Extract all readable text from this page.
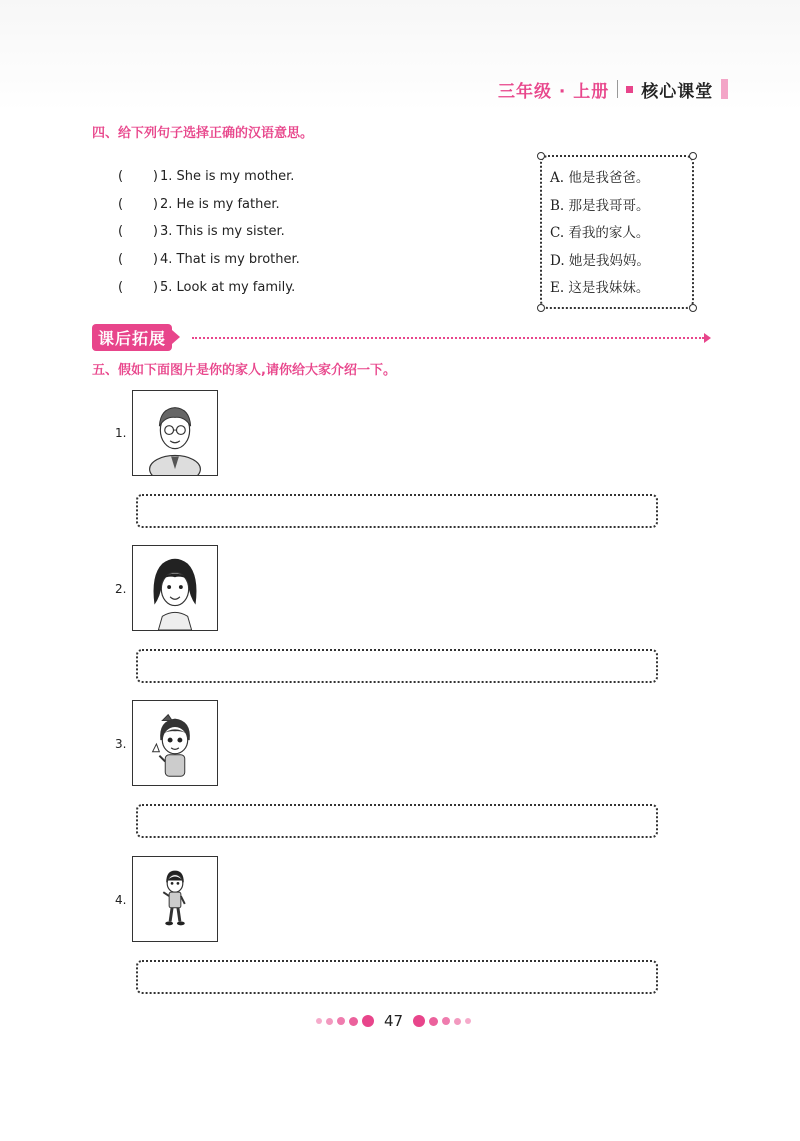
三年级 · 上册 核心课堂
四、给下列句子选择正确的汉语意思。
( ) 1. She is my mother.
( ) 2. He is my father.
( ) 3. This is my sister.
( ) 4. That is my brother.
( ) 5. Look at my family.
A. 他是我爸爸。
B. 那是我哥哥。
C. 看我的家人。
D. 她是我妈妈。
E. 这是我妹妹。
课后拓展
五、假如下面图片是你的家人,请你给大家介绍一下。
1.
2.
3.
4.
47
